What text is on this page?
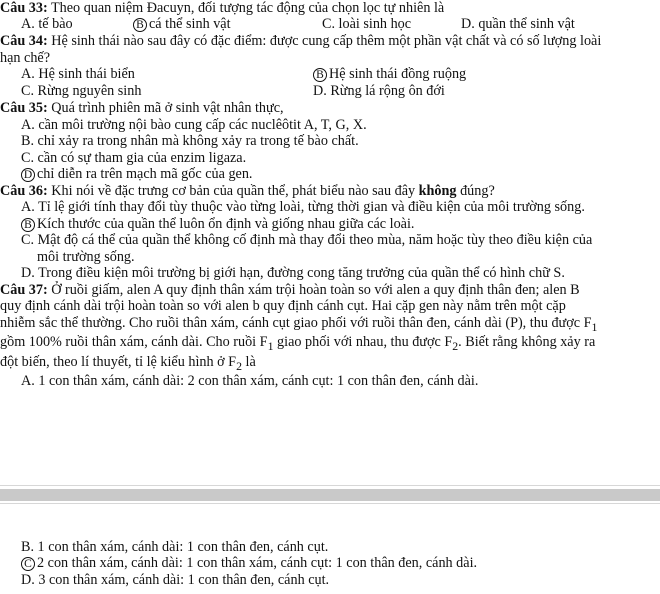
Câu 33: Theo quan niệm Đacuyn, đối tượng tác động của chọn lọc tự nhiên là
A. tế bào	B cá thể sinh vật	C. loài sinh học	D. quần thể sinh vật
Câu 34: Hệ sinh thái nào sau đây có đặc điểm: được cung cấp thêm một phần vật chất và có số lượng loài
hạn chế?
A. Hệ sinh thái biển	B Hệ sinh thái đồng ruộng
C. Rừng nguyên sinh	D. Rừng lá rộng ôn đới
Câu 35: Quá trình phiên mã ở sinh vật nhân thực,
A. cần môi trường nội bào cung cấp các nuclêôtit A, T, G, X.
B. chỉ xảy ra trong nhân mà không xảy ra trong tế bào chất.
C. cần có sự tham gia của enzim ligaza.
D chỉ diễn ra trên mạch mã gốc của gen.
Câu 36: Khi nói về đặc trưng cơ bản của quần thể, phát biểu nào sau đây không đúng?
A. Tỉ lệ giới tính thay đổi tùy thuộc vào từng loài, từng thời gian và điều kiện của môi trường sống.
B Kích thước của quần thể luôn ổn định và giống nhau giữa các loài.
C. Mật độ cá thể của quần thể không cố định mà thay đổi theo mùa, năm hoặc tùy theo điều kiện của
môi trường sống.
D. Trong điều kiện môi trường bị giới hạn, đường cong tăng trưởng của quần thể có hình chữ S.
Câu 37: Ở ruồi giấm, alen A quy định thân xám trội hoàn toàn so với alen a quy định thân đen; alen B
quy định cánh dài trội hoàn toàn so với alen b quy định cánh cụt. Hai cặp gen này nằm trên một cặp
nhiễm sắc thể thường. Cho ruồi thân xám, cánh cụt giao phối với ruồi thân đen, cánh dài (P), thu được $F_1$
gồm 100% ruồi thân xám, cánh dài. Cho ruồi $F_1$ giao phối với nhau, thu được $F_2$. Biết rằng không xảy ra
đột biến, theo lí thuyết, tỉ lệ kiểu hình ở $F_2$ là
A. 1 con thân xám, cánh dài: 2 con thân xám, cánh cụt: 1 con thân đen, cánh dài.
B. 1 con thân xám, cánh dài: 1 con thân đen, cánh cụt.
C 2 con thân xám, cánh dài: 1 con thân xám, cánh cụt: 1 con thân đen, cánh dài.
D. 3 con thân xám, cánh dài: 1 con thân đen, cánh cụt.
